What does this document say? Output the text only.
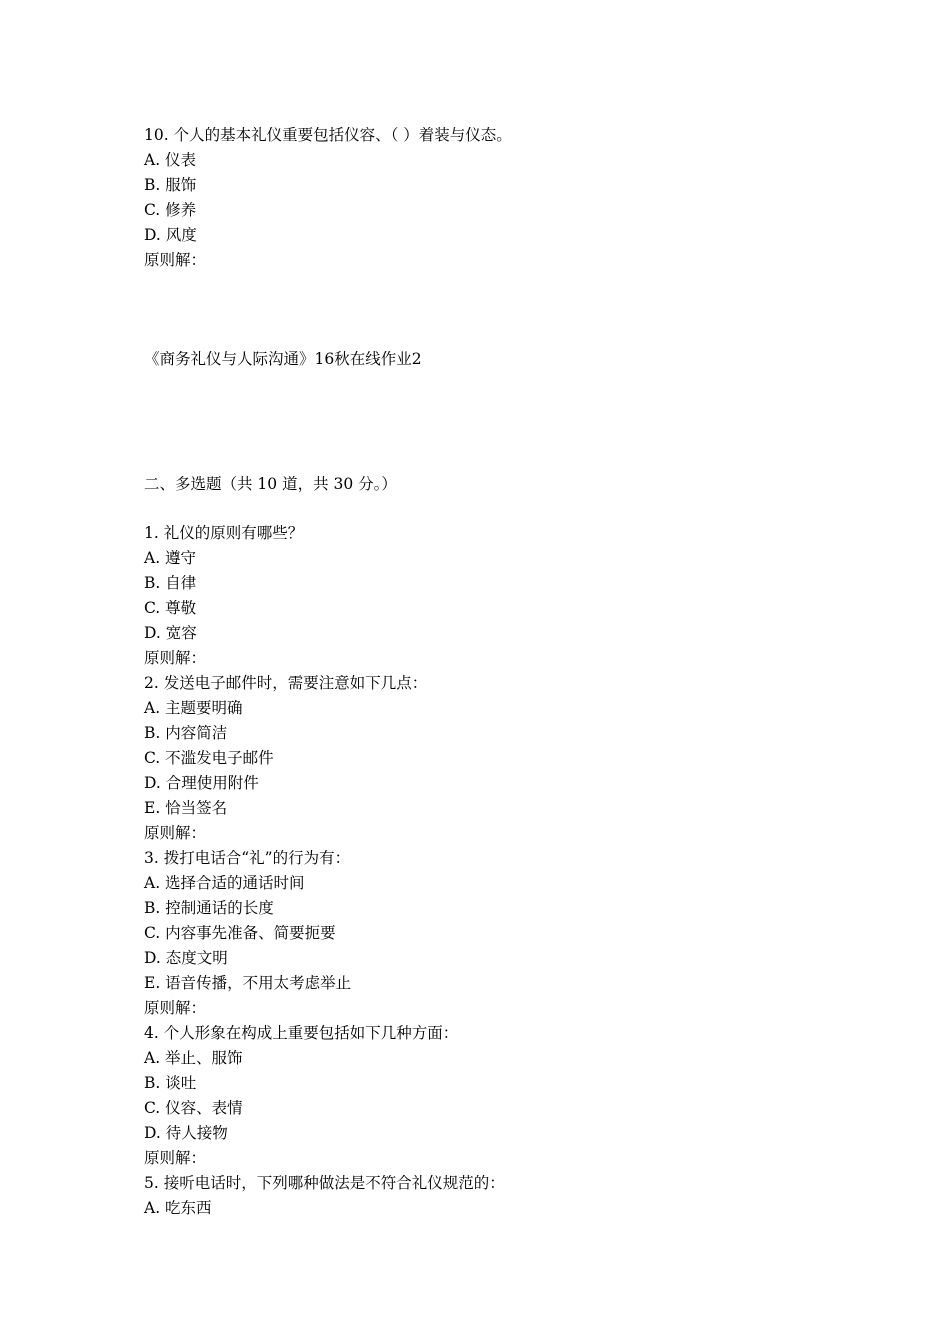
10. 个人的基本礼仪重要包括仪容、（ ）着装与仪态。
A. 仪表
B. 服饰
C. 修养
D. 风度
原则解：
《商务礼仪与人际沟通》16秋在线作业2
二、多选题（共 10 道，共 30 分。）
1. 礼仪的原则有哪些？
A. 遵守
B. 自律
C. 尊敬
D. 宽容
原则解：
2. 发送电子邮件时，需要注意如下几点：
A. 主题要明确
B. 内容简洁
C. 不滥发电子邮件
D. 合理使用附件
E. 恰当签名
原则解：
3. 拨打电话合“礼”的行为有：
A. 选择合适的通话时间
B. 控制通话的长度
C. 内容事先准备、简要扼要
D. 态度文明
E. 语音传播，不用太考虑举止
原则解：
4. 个人形象在构成上重要包括如下几种方面：
A. 举止、服饰
B. 谈吐
C. 仪容、表情
D. 待人接物
原则解：
5. 接听电话时，下列哪种做法是不符合礼仪规范的：
A. 吃东西
